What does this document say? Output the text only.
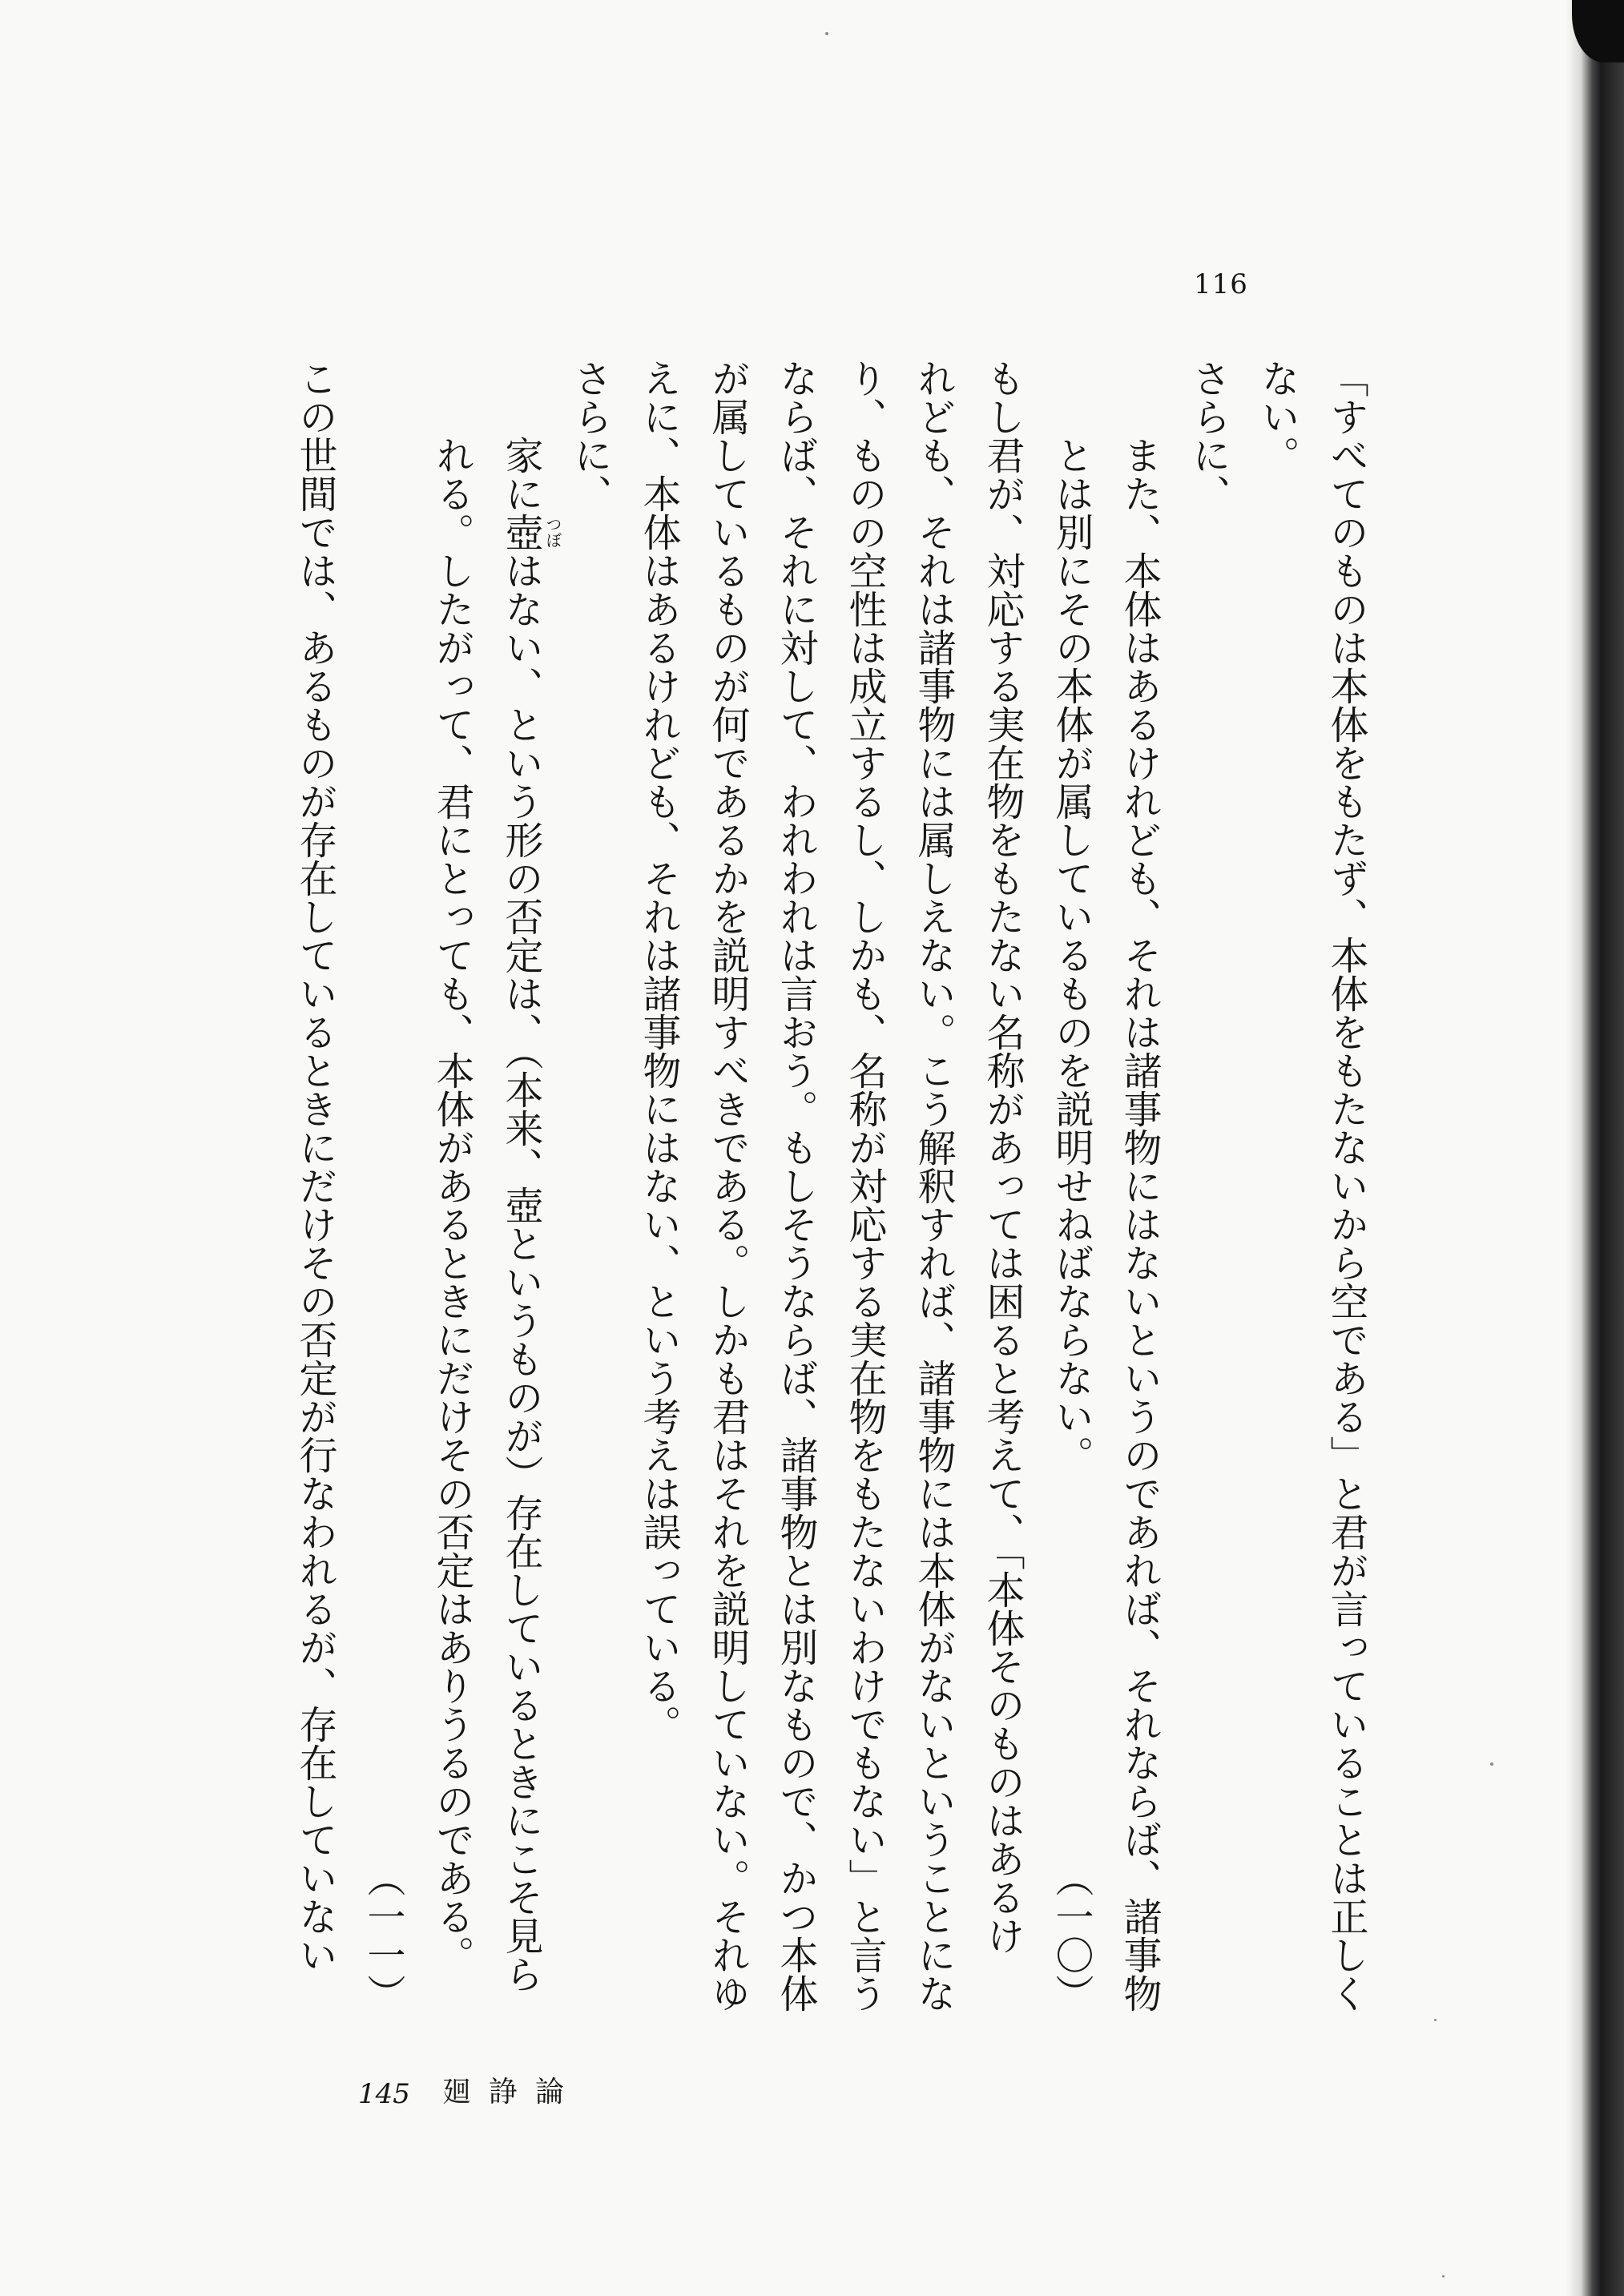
116
「すべてのものは本体をもたず、本体をもたないから空である」と君が言っていることは正しく
ない。
さらに、
また、本体はあるけれども、それは諸事物にはないというのであれば、それならば、諸事物
とは別にその本体が属しているものを説明せねばならない。
（一〇）
もし君が、対応する実在物をもたない名称があっては困ると考えて、「本体そのものはあるけ
れども、それは諸事物には属しえない。こう解釈すれば、諸事物には本体がないということにな
り、ものの空性は成立するし、しかも、名称が対応する実在物をもたないわけでもない」と言う
ならば、それに対して、われわれは言おう。もしそうならば、諸事物とは別なもので、かつ本体
が属しているものが何であるかを説明すべきである。しかも君はそれを説明していない。それゆ
えに、本体はあるけれども、それは諸事物にはない、という考えは誤っている。
さらに、
家に壺 つぼ
はない、という形の否定は、（本来、壺というものが）存在しているときにこそ見ら
れる。したがって、君にとっても、本体があるときにだけその否定はありうるのである。
（一一）
この世間では、あるものが存在しているときにだけその否定が行なわれるが、存在していない
145 廻諍論
